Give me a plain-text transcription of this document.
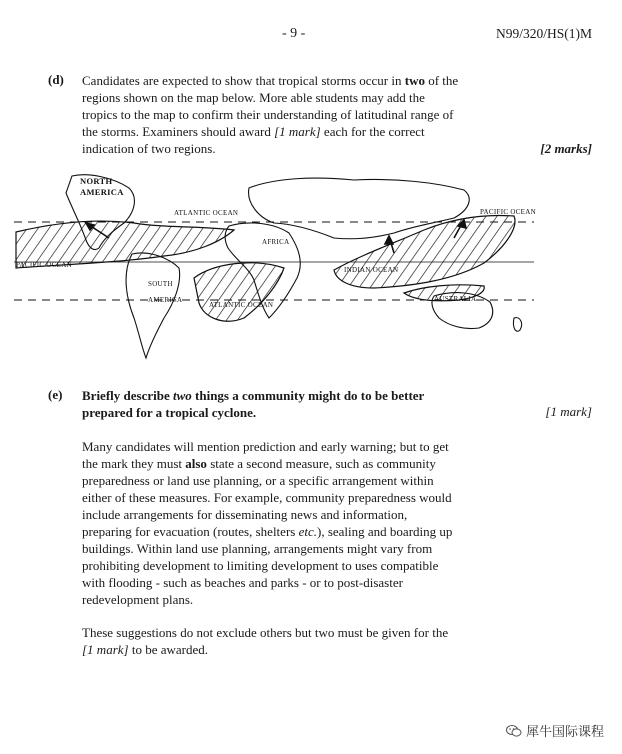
- 9 -	N99/320/HS(1)M
(d) Candidates are expected to show that tropical storms occur in two of the
regions shown on the map below. More able students may add the
tropics to the map to confirm their understanding of latitudinal range of
the storms. Examiners should award [1 mark] each for the correct
indication of two regions.	[2 marks]
NORTH
AMERICA
ATLANTIC OCEAN	PACIFIC OCEAN
AFRICA
SOUTH
AMERICA	AUSTRALIA
INDIAN OCEAN
PACIFIC OCEAN
ATLANTIC OCEAN
(e) Briefly describe two things a community might do to be better
prepared for a tropical cyclone.	[1 mark]
Many candidates will mention prediction and early warning; but to get
the mark they must also state a second measure, such as community
preparedness or land use planning, or a specific arrangement within
either of these measures. For example, community preparedness would
include arrangements for disseminating news and information,
preparing for evacuation (routes, shelters etc.), sealing and boarding up
buildings. Within land use planning, arrangements might vary from
prohibiting development to limiting development to uses compatible
with flooding - such as beaches and parks - or to post-disaster
redevelopment plans.
These suggestions do not exclude others but two must be given for the
[1 mark] to be awarded.
犀牛国际课程
